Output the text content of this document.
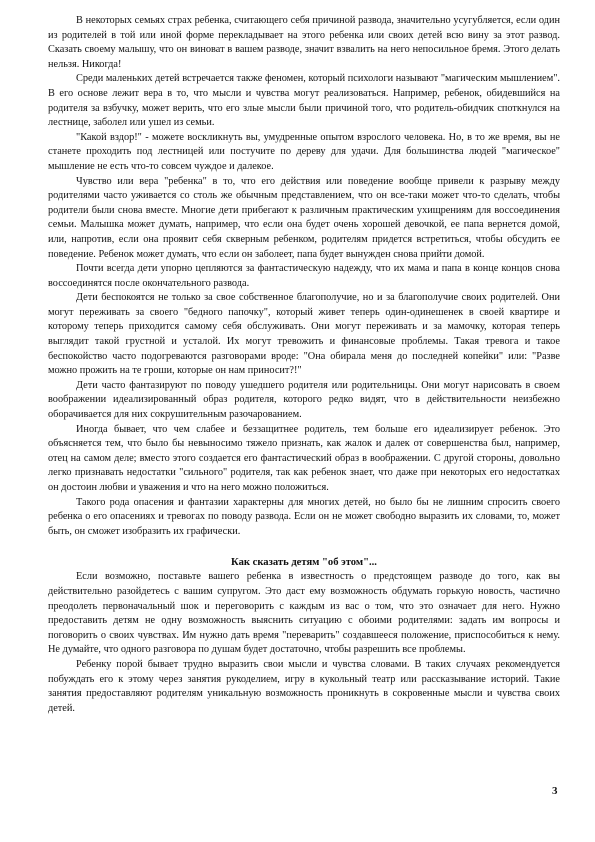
В некоторых семьях страх ребенка, считающего себя причиной развода, значительно усугубляется, если один из родителей в той или иной форме перекладывает на этого ребенка или своих детей всю вину за этот развод. Сказать своему малышу, что он виноват в вашем разводе, значит взвалить на него непосильное бремя. Этого делать нельзя. Никогда!

Среди маленьких детей встречается также феномен, который психологи называют "магическим мышлением". В его основе лежит вера в то, что мысли и чувства могут реализоваться. Например, ребенок, обидевшийся на родителя за взбучку, может верить, что его злые мысли были причиной того, что родитель-обидчик споткнулся на лестнице, заболел или ушел из семьи.

"Какой вздор!" - можете воскликнуть вы, умудренные опытом взрослого человека. Но, в то же время, вы не станете проходить под лестницей или постучите по дереву для удачи. Для большинства людей "магическое" мышление не есть что-то совсем чуждое и далекое.

Чувство или вера "ребенка" в то, что его действия или поведение вообще привели к разрыву между родителями часто уживается со столь же обычным представлением, что он все-таки может что-то сделать, чтобы родители были снова вместе. Многие дети прибегают к различным практическим ухищрениям для воссоединения семьи. Малышка может думать, например, что если она будет очень хорошей девочкой, ее папа вернется домой, или, напротив, если она проявит себя скверным ребенком, родителям придется встретиться, чтобы обсудить ее поведение. Ребенок может думать, что если он заболеет, папа будет вынужден снова прийти домой.

Почти всегда дети упорно цепляются за фантастическую надежду, что их мама и папа в конце концов снова воссоединятся после окончательного развода.

Дети беспокоятся не только за свое собственное благополучие, но и за благополучие своих родителей. Они могут переживать за своего "бедного папочку", который живет теперь один-одинешенек в своей квартире и которому теперь приходится самому себя обслуживать. Они могут переживать и за мамочку, которая теперь выглядит такой грустной и усталой. Их могут тревожить и финансовые проблемы. Такая тревога и такое беспокойство часто подогреваются разговорами вроде: "Она обирала меня до последней копейки" или: "Разве можно прожить на те гроши, которые он нам приносит?!"

Дети часто фантазируют по поводу ушедшего родителя или родительницы. Они могут нарисовать в своем воображении идеализированный образ родителя, которого редко видят, что в действительности неизбежно оборачивается для них сокрушительным разочарованием.

Иногда бывает, что чем слабее и беззащитнее родитель, тем больше его идеализирует ребенок. Это объясняется тем, что было бы невыносимо тяжело признать, как жалок и далек от совершенства был, например, отец на самом деле; вместо этого создается его фантастический образ в воображении. С другой стороны, довольно легко признавать недостатки "сильного" родителя, так как ребенок знает, что даже при некоторых его недостатках он достоин любви и уважения и что на него можно положиться.

Такого рода опасения и фантазии характерны для многих детей, но было бы не лишним спросить своего ребенка о его опасениях и тревогах по поводу развода. Если он не может свободно выразить их словами, то, может быть, он сможет изобразить их графически.

Как сказать детям "об этом"...

Если возможно, поставьте вашего ребенка в известность о предстоящем разводе до того, как вы действительно разойдетесь с вашим супругом. Это даст ему возможность обдумать горькую новость, частично преодолеть первоначальный шок и переговорить с каждым из вас о том, что это означает для него. Нужно предоставить детям не одну возможность выяснить ситуацию с обоими родителями: задать им вопросы и поговорить о своих чувствах. Им нужно дать время "переварить" создавшееся положение, приспособиться к нему. Не думайте, что одного разговора по душам будет достаточно, чтобы разрешить все проблемы.

Ребенку порой бывает трудно выразить свои мысли и чувства словами. В таких случаях рекомендуется побуждать его к этому через занятия рукоделием, игру в кукольный театр или рассказывание историй. Такие занятия предоставляют родителям уникальную возможность проникнуть в сокровенные мысли и чувства своих детей.

3
